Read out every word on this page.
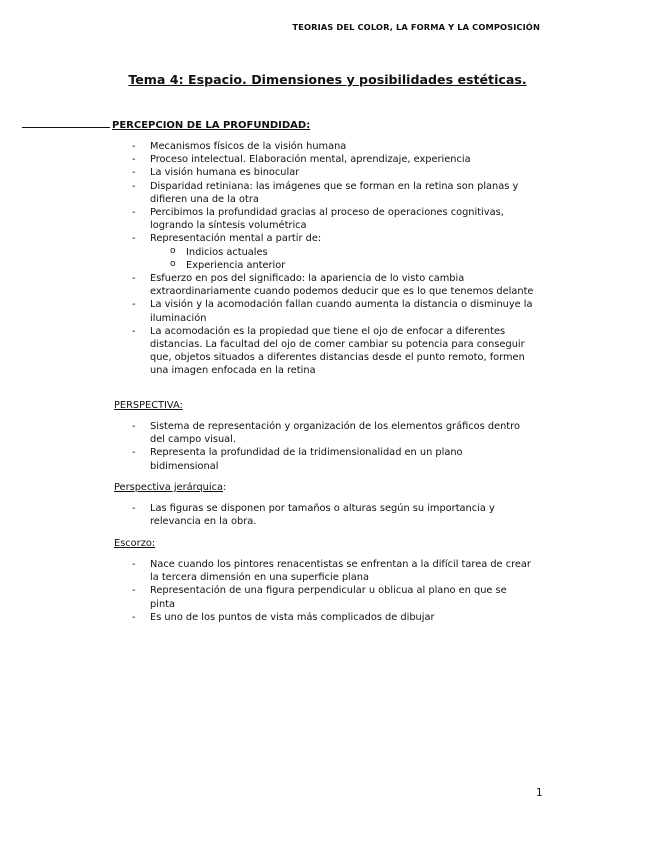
TEORIAS DEL COLOR, LA FORMA Y LA COMPOSICIÓN
Tema 4: Espacio. Dimensiones y posibilidades estéticas.
PERCEPCION DE LA PROFUNDIDAD:
- Mecanismos físicos de la visión humana
- Proceso intelectual. Elaboración mental, aprendizaje, experiencia
- La visión humana es binocular
- Disparidad retiniana: las imágenes que se forman en la retina son planas y difieren una de la otra
- Percibimos la profundidad gracias al proceso de operaciones cognitivas, logrando la síntesis volumétrica
- Representación mental a partir de:
o Indicios actuales
o Experiencia anterior
- Esfuerzo en pos del significado: la apariencia de lo visto cambia extraordinariamente cuando podemos deducir que es lo que tenemos delante
- La visión y la acomodación fallan cuando aumenta la distancia o disminuye la iluminación
- La acomodación es la propiedad que tiene el ojo de enfocar a diferentes distancias. La facultad del ojo de comer cambiar su potencia para conseguir que, objetos situados a diferentes distancias desde el punto remoto, formen una imagen enfocada en la retina
PERSPECTIVA:
- Sistema de representación y organización de los elementos gráficos dentro del campo visual.
- Representa la profundidad de la tridimensionalidad en un plano bidimensional
Perspectiva jerárquica:
- Las figuras se disponen por tamaños o alturas según su importancia y relevancia en la obra.
Escorzo:
- Nace cuando los pintores renacentistas se enfrentan a la difícil tarea de crear la tercera dimensión en una superficie plana
- Representación de una figura perpendicular u oblicua al plano en que se pinta
- Es uno de los puntos de vista más complicados de dibujar
1
